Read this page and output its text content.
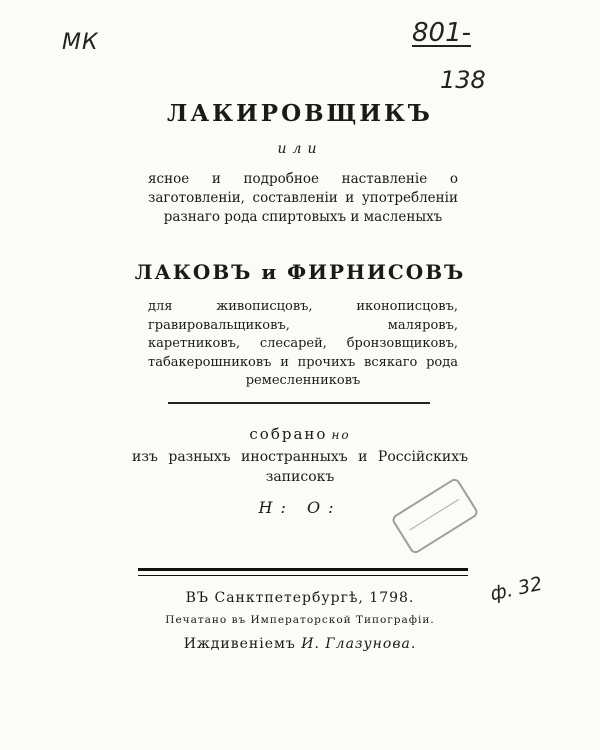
МК	801-
138
ЛАКИРОВЩИКЪ
или
ясное и подробное наставленіе о заготовленіи, составленіи и употребленіи разнаго рода спиртовыхъ и масленыхъ
ЛАКОВЪ и ФИРНИСОВЪ
для живописцовъ, иконописцовъ, гравировальщиковъ, маляровъ, каретниковъ, слесарей, бронзовщиковъ, табакерошниковъ и прочихъ всякаго рода ремесленниковъ
собрано но
изъ разныхъ иностранныхъ и Россійскихъ записокъ
Н: О:
ВЪ Санктпетербургѣ, 1798.
Печатано въ Императорской Типографіи.
Иждивеніемъ И. Глазунова.
ф. 32
